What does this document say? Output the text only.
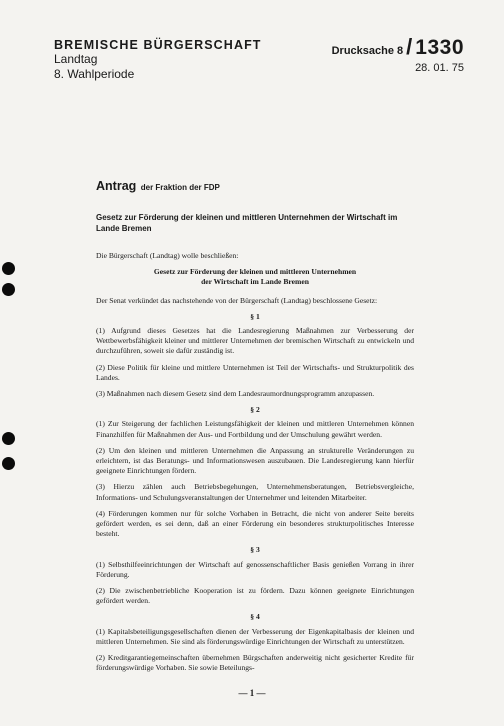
BREMISCHE BÜRGERSCHAFT
Landtag
8. Wahlperiode
Drucksache 8 / 1330
28. 01. 75
Antrag der Fraktion der FDP
Gesetz zur Förderung der kleinen und mittleren Unternehmen der Wirtschaft im Lande Bremen

Die Bürgerschaft (Landtag) wolle beschließen:

Gesetz zur Förderung der kleinen und mittleren Unternehmen
der Wirtschaft im Lande Bremen

Der Senat verkündet das nachstehende von der Bürgerschaft (Landtag) beschlossene Gesetz:

§ 1

(1) Aufgrund dieses Gesetzes hat die Landesregierung Maßnahmen zur Verbesserung der Wettbewerbsfähigkeit kleiner und mittlerer Unternehmen der bremischen Wirtschaft zu entwickeln und durchzuführen, soweit sie dafür zuständig ist.

(2) Diese Politik für kleine und mittlere Unternehmen ist Teil der Wirtschafts- und Strukturpolitik des Landes.

(3) Maßnahmen nach diesem Gesetz sind dem Landesraumordnungsprogramm anzupassen.

§ 2

(1) Zur Steigerung der fachlichen Leistungsfähigkeit der kleinen und mittleren Unternehmen können Finanzhilfen für Maßnahmen der Aus- und Fortbildung und der Umschulung gewährt werden.

(2) Um den kleinen und mittleren Unternehmen die Anpassung an strukturelle Veränderungen zu erleichtern, ist das Beratungs- und Informationswesen auszubauen. Die Landesregierung kann hierfür geeignete Einrichtungen fördern.

(3) Hierzu zählen auch Betriebsbegehungen, Unternehmensberatungen, Betriebsvergleiche, Informations- und Schulungsveranstaltungen der Unternehmer und leitenden Mitarbeiter.

(4) Förderungen kommen nur für solche Vorhaben in Betracht, die nicht von anderer Seite bereits gefördert werden, es sei denn, daß an einer Förderung ein besonderes strukturpolitisches Interesse besteht.

§ 3

(1) Selbsthilfeeinrichtungen der Wirtschaft auf genossenschaftlicher Basis genießen Vorrang in ihrer Förderung.

(2) Die zwischenbetriebliche Kooperation ist zu fördern. Dazu können geeignete Einrichtungen gefördert werden.

§ 4

(1) Kapitalsbeteiligungsgesellschaften dienen der Verbesserung der Eigenkapitalbasis der kleinen und mittleren Unternehmen. Sie sind als förderungswürdige Einrichtungen der Wirtschaft zu unterstützen.

(2) Kreditgarantiegemeinschaften übernehmen Bürgschaften anderweitig nicht gesicherter Kredite für förderungswürdige Vorhaben. Sie sowie Beteilungs-

— 1 —
